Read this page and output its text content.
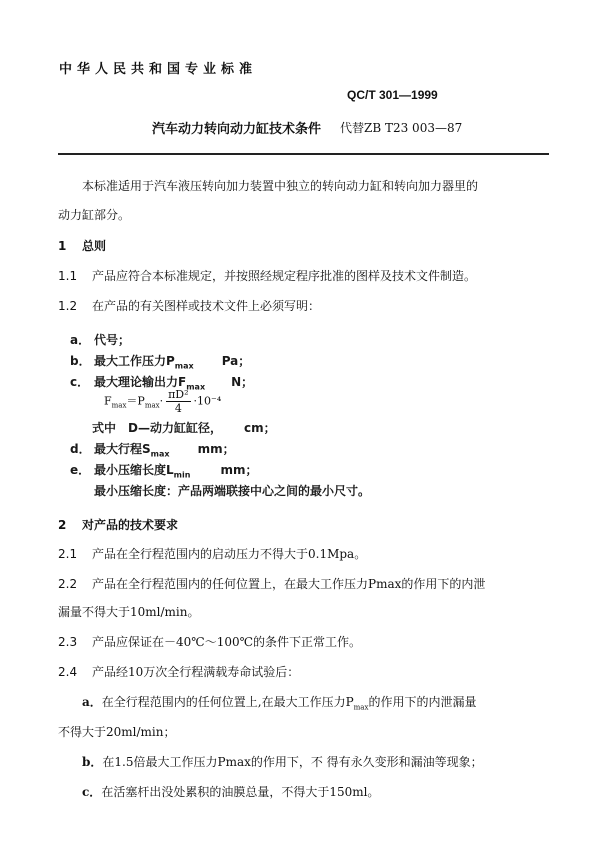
中华人民共和国专业标准
QC/T 301—1999
汽车动力转向动力缸技术条件 代替ZB T23 003—87
本标准适用于汽车液压转向加力装置中独立的转向动力缸和转向加力器里的
动力缸部分。
1 总则
1.1 产品应符合本标准规定，并按照经规定程序批准的图样及技术文件制造。
1.2 在产品的有关图样或技术文件上必须写明：
a． 代号；
b． 最大工作压力$P_{max}$ Pa；
c． 最大理论输出力$F_{max}$ N；
$F_{max}=P_{max}\cdot \frac{\text{πD²}}{4} \cdot 10^{-4}$
式中 D—动力缸缸径， cm；
d． 最大行程$S_{max}$ mm；
e． 最小压缩长度$L_{min}$	mm；
最小压缩长度：产品两端联接中心之间的最小尺寸。
2 对产品的技术要求
2.1 产品在全行程范围内的启动压力不得大于0.1Mpa。
2.2 产品在全行程范围内的任何位置上，在最大工作压力Pmax的作用下的内泄
漏量不得大于10ml/min。
2.3 产品应保证在－40℃～100℃的条件下正常工作。
2.4 产品经10万次全行程满载寿命试验后：
a．在全行程范围内的任何位置上,在最大工作压力$P_{max}$的作用下的内泄漏量
不得大于20ml/min；
b．在1.5倍最大工作压力Pmax的作用下，不 得有永久变形和漏油等现象；
c．在活塞杆出没处累积的油膜总量，不得大于150ml。
